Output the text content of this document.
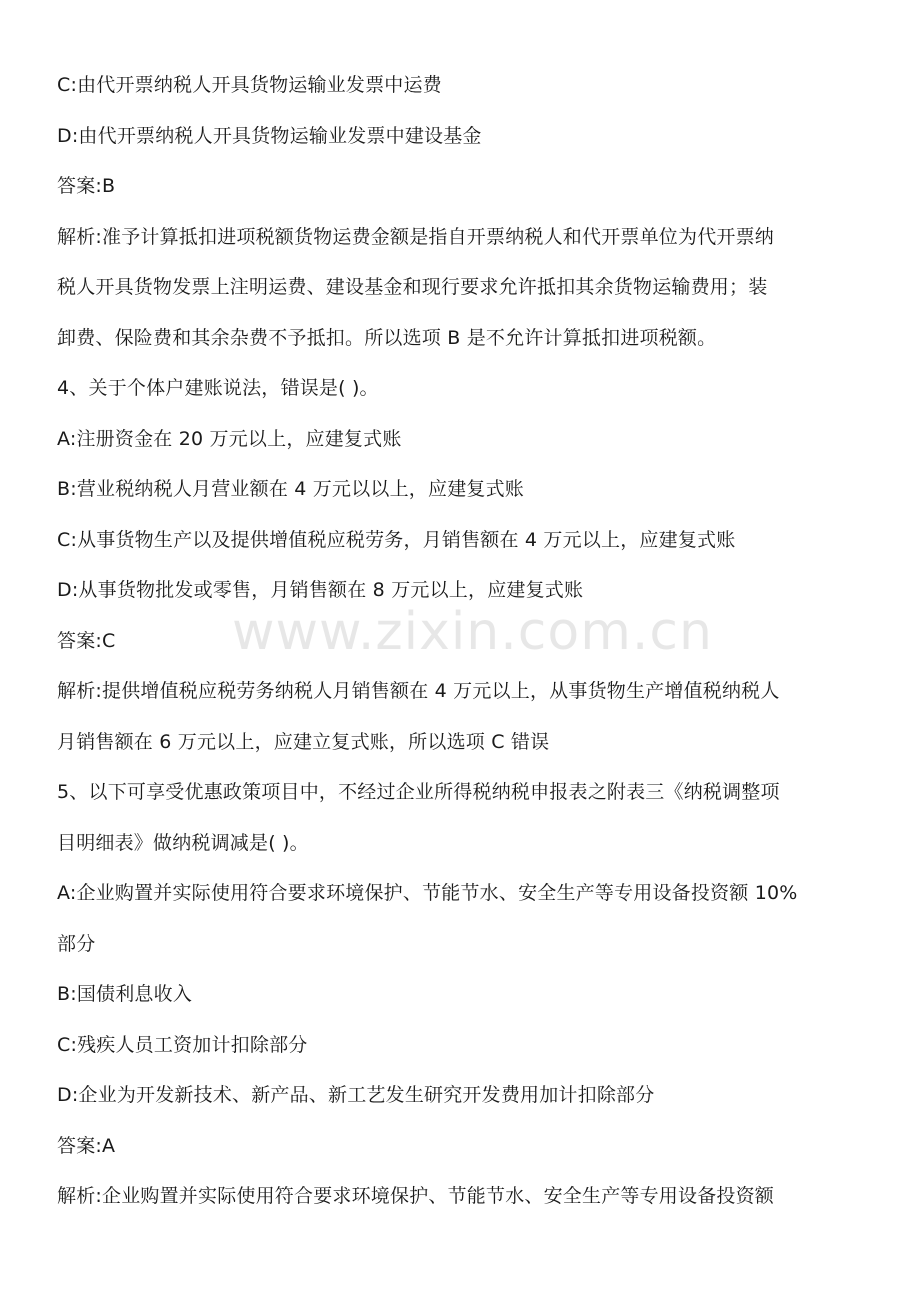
C:由代开票纳税人开具货物运输业发票中运费
D:由代开票纳税人开具货物运输业发票中建设基金
答案:B
解析:准予计算抵扣进项税额货物运费金额是指自开票纳税人和代开票单位为代开票纳
税人开具货物发票上注明运费、建设基金和现行要求允许抵扣其余货物运输费用；装
卸费、保险费和其余杂费不予抵扣。所以选项 B 是不允许计算抵扣进项税额。
4、关于个体户建账说法，错误是( )。
A:注册资金在 20 万元以上，应建复式账
B:营业税纳税人月营业额在 4 万元以以上，应建复式账
C:从事货物生产以及提供增值税应税劳务，月销售额在 4 万元以上，应建复式账
D:从事货物批发或零售，月销售额在 8 万元以上，应建复式账
答案:C
解析:提供增值税应税劳务纳税人月销售额在 4 万元以上，从事货物生产增值税纳税人
月销售额在 6 万元以上，应建立复式账，所以选项 C 错误
5、以下可享受优惠政策项目中，不经过企业所得税纳税申报表之附表三《纳税调整项
目明细表》做纳税调减是( )。
A:企业购置并实际使用符合要求环境保护、节能节水、安全生产等专用设备投资额 10%
部分
B:国债利息收入
C:残疾人员工资加计扣除部分
D:企业为开发新技术、新产品、新工艺发生研究开发费用加计扣除部分
答案:A
解析:企业购置并实际使用符合要求环境保护、节能节水、安全生产等专用设备投资额
www.zixin.com.cn
